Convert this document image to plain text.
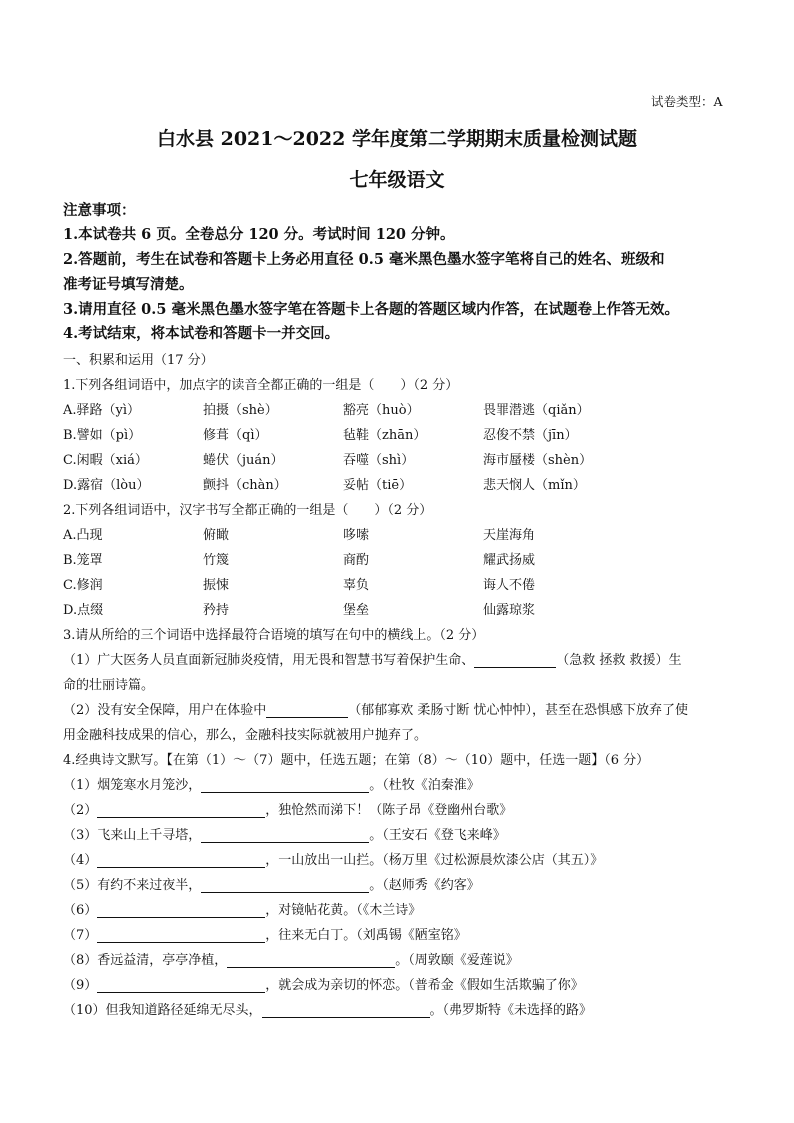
试卷类型：A
白水县 2021～2022 学年度第二学期期末质量检测试题
七年级语文
注意事项：
1.本试卷共 6 页。全卷总分 120 分。考试时间 120 分钟。
2.答题前，考生在试卷和答题卡上务必用直径 0.5 毫米黑色墨水签字笔将自己的姓名、班级和
准考证号填写清楚。
3.请用直径 0.5 毫米黑色墨水签字笔在答题卡上各题的答题区域内作答，在试题卷上作答无效。
4.考试结束，将本试卷和答题卡一并交回。
一、积累和运用（17 分）
1.下列各组词语中，加点字的读音全都正确的一组是（　　）（2 分）
A.驿路（yì）	拍摄（shè）	豁亮（huò）	畏罪潜逃（qiǎn）
B.譬如（pì）	修葺（qì）	毡鞋（zhān）	忍俊不禁（jīn）
C.闲暇（xiá）	蜷伏（juán）	吞噬（shì）	海市蜃楼（shèn）
D.露宿（lòu）	颤抖（chàn）	妥帖（tiē）	悲天悯人（mǐn）
2.下列各组词语中，汉字书写全都正确的一组是（　　）（2 分）
A.凸现	俯瞰	哆嗦	天崖海角
B.笼罩	竹篾	商酌	耀武扬威
C.修润	振悚	辜负	诲人不倦
D.点缀	矜持	堡垒	仙露琼浆
3.请从所给的三个词语中选择最符合语境的填写在句中的横线上。（2 分）
（1）广大医务人员直面新冠肺炎疫情，用无畏和智慧书写着保护生命、	（急救 拯救 救援）生
命的壮丽诗篇。
（2）没有安全保障，用户在体验中	（郁郁寡欢 柔肠寸断 忧心忡忡），甚至在恐惧感下放弃了使
用金融科技成果的信心，那么，金融科技实际就被用户抛弃了。
4.经典诗文默写。【在第（1）～（7）题中，任选五题；在第（8）～（10）题中，任选一题】（6 分）
（1）烟笼寒水月笼沙，	。（杜牧《泊秦淮》
（2）	，独怆然而涕下！（陈子昂《登幽州台歌》
（3）飞来山上千寻塔，	。（王安石《登飞来峰》
（4）	，一山放出一山拦。（杨万里《过松源晨炊漆公店（其五）》
（5）有约不来过夜半，	。（赵师秀《约客》
（6）	，对镜帖花黄。（《木兰诗》
（7）	，往来无白丁。（刘禹锡《陋室铭》
（8）香远益清，亭亭净植，	。（周敦颐《爱莲说》
（9）	，就会成为亲切的怀恋。（普希金《假如生活欺骗了你》
（10）但我知道路径延绵无尽头，	。（弗罗斯特《未选择的路》
